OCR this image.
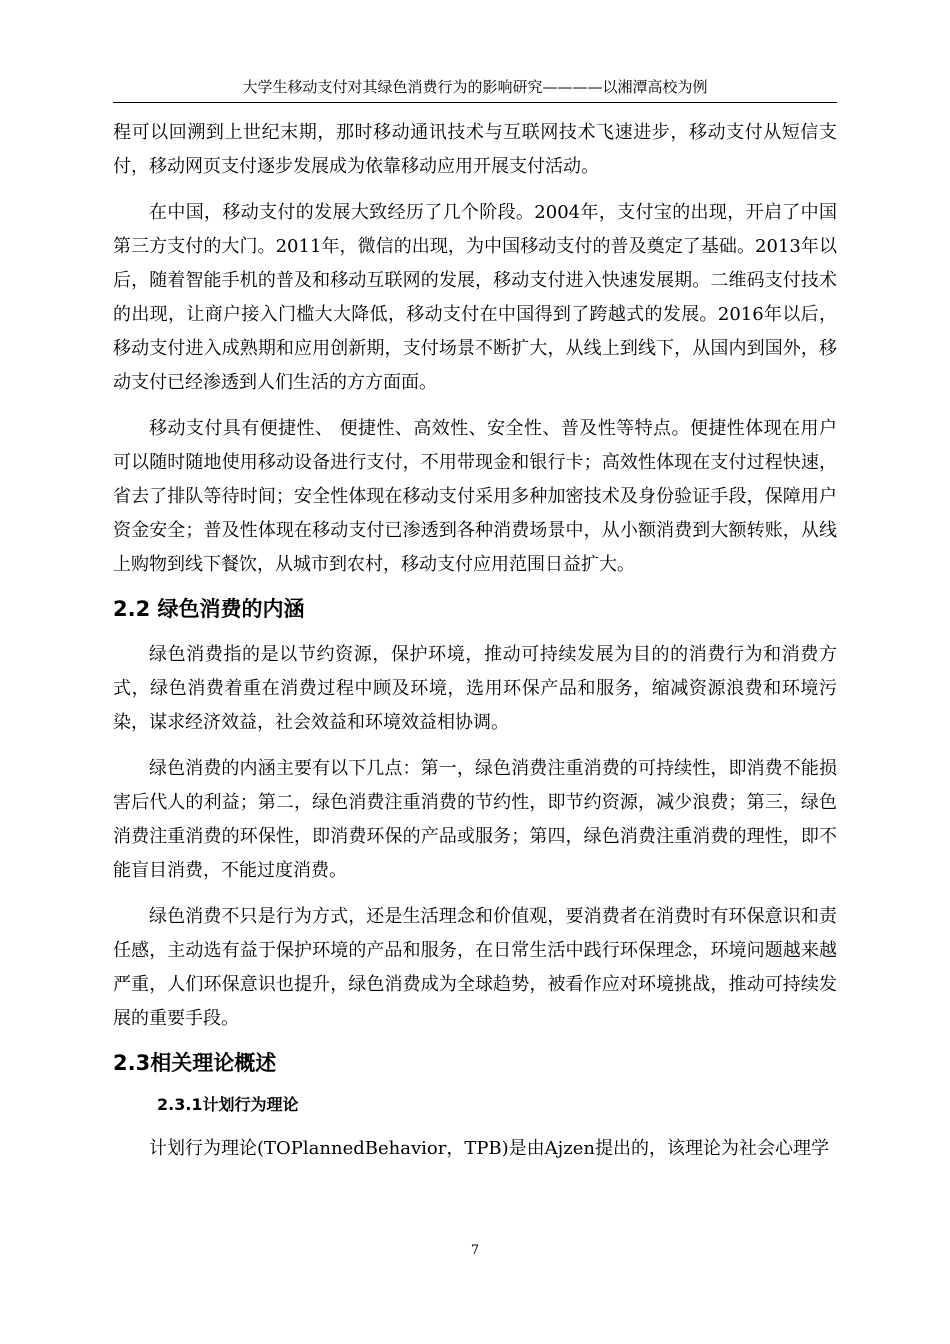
大学生移动支付对其绿色消费行为的影响研究————以湘潭高校为例

程可以回溯到上世纪末期，那时移动通讯技术与互联网技术飞速进步，移动支付从短信支付，移动网页支付逐步发展成为依靠移动应用开展支付活动。

在中国，移动支付的发展大致经历了几个阶段。2004年，支付宝的出现，开启了中国第三方支付的大门。2011年，微信的出现，为中国移动支付的普及奠定了基础。2013年以后，随着智能手机的普及和移动互联网的发展，移动支付进入快速发展期。二维码支付技术的出现，让商户接入门槛大大降低，移动支付在中国得到了跨越式的发展。2016年以后，移动支付进入成熟期和应用创新期，支付场景不断扩大，从线上到线下，从国内到国外，移动支付已经渗透到人们生活的方方面面。

移动支付具有便捷性、 便捷性、高效性、安全性、普及性等特点。便捷性体现在用户可以随时随地使用移动设备进行支付，不用带现金和银行卡；高效性体现在支付过程快速，省去了排队等待时间；安全性体现在移动支付采用多种加密技术及身份验证手段，保障用户资金安全；普及性体现在移动支付已渗透到各种消费场景中，从小额消费到大额转账，从线上购物到线下餐饮，从城市到农村，移动支付应用范围日益扩大。

2.2 绿色消费的内涵

绿色消费指的是以节约资源，保护环境，推动可持续发展为目的的消费行为和消费方式，绿色消费着重在消费过程中顾及环境，选用环保产品和服务，缩减资源浪费和环境污染，谋求经济效益，社会效益和环境效益相协调。

绿色消费的内涵主要有以下几点：第一，绿色消费注重消费的可持续性，即消费不能损害后代人的利益；第二，绿色消费注重消费的节约性，即节约资源，减少浪费；第三，绿色消费注重消费的环保性，即消费环保的产品或服务；第四，绿色消费注重消费的理性，即不能盲目消费，不能过度消费。

绿色消费不只是行为方式，还是生活理念和价值观，要消费者在消费时有环保意识和责任感，主动选有益于保护环境的产品和服务，在日常生活中践行环保理念，环境问题越来越严重，人们环保意识也提升，绿色消费成为全球趋势，被看作应对环境挑战，推动可持续发展的重要手段。

2.3相关理论概述
2.3.1计划行为理论

计划行为理论(TOPlannedBehavior，TPB)是由Ajzen提出的，该理论为社会心理学

7
